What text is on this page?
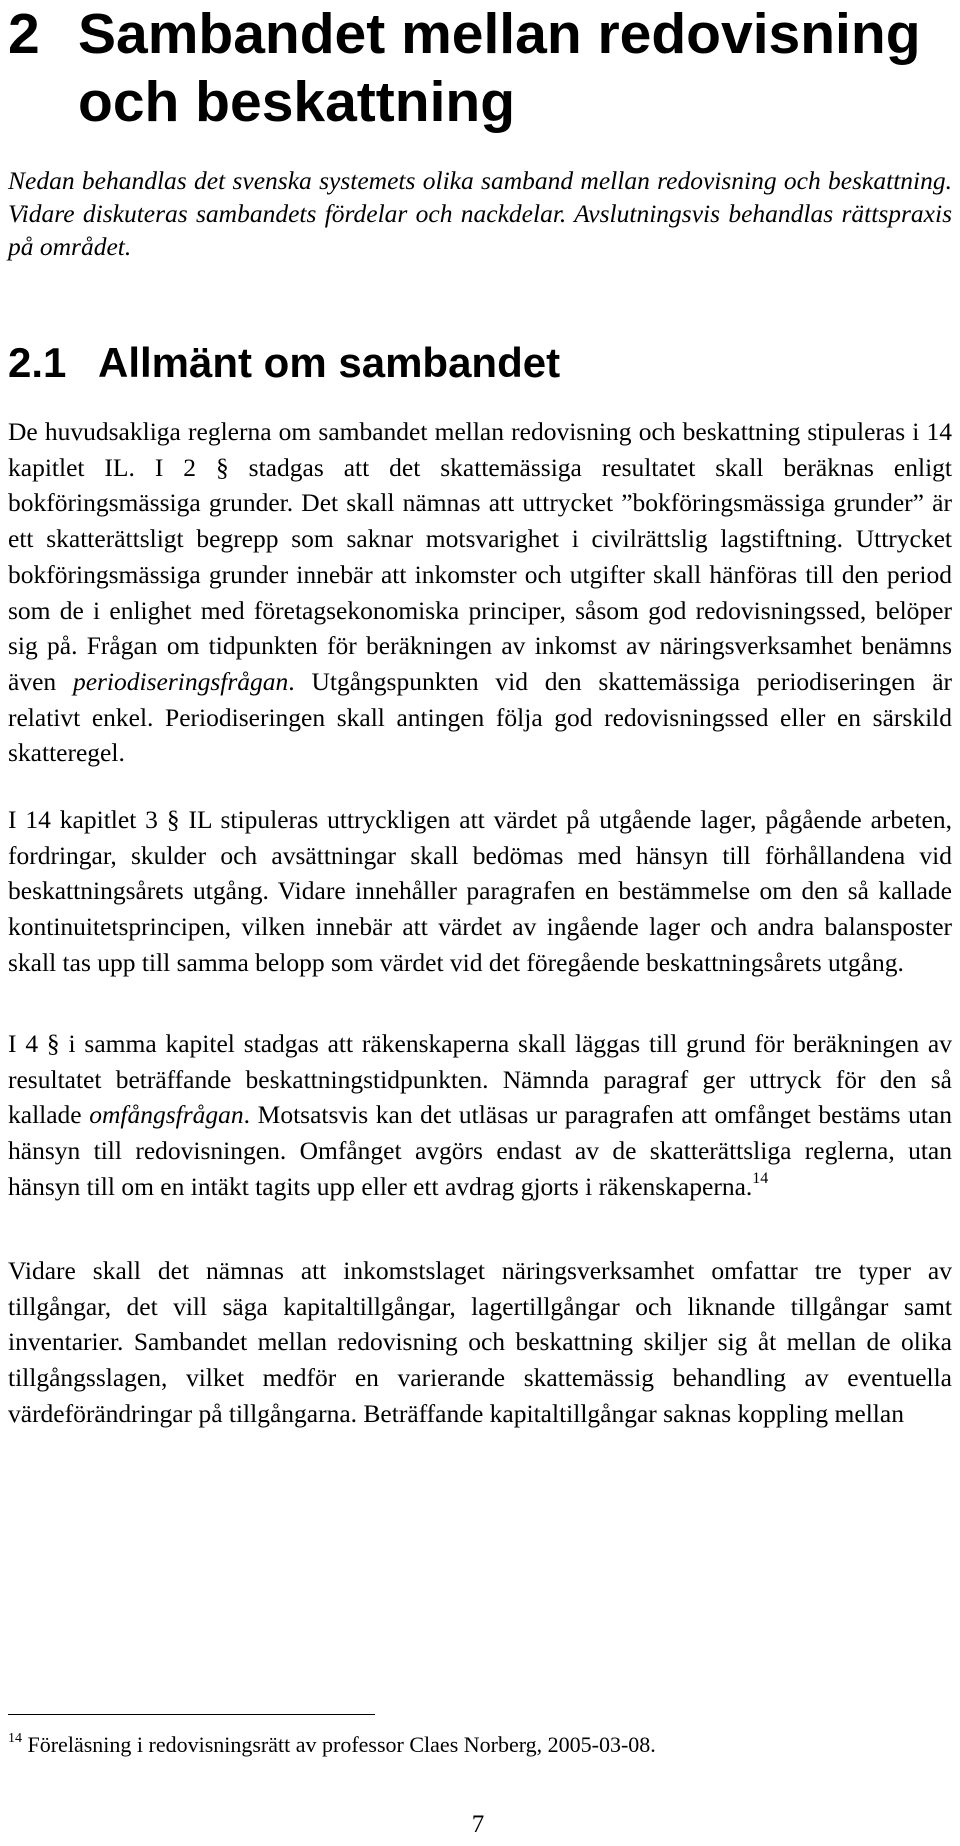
2 Sambandet mellan redovisning och beskattning
Nedan behandlas det svenska systemets olika samband mellan redovisning och beskattning. Vidare diskuteras sambandets fördelar och nackdelar. Avslutningsvis behandlas rättspraxis på området.
2.1 Allmänt om sambandet
De huvudsakliga reglerna om sambandet mellan redovisning och beskattning stipuleras i 14 kapitlet IL. I 2 § stadgas att det skattemässiga resultatet skall beräknas enligt bokföringsmässiga grunder. Det skall nämnas att uttrycket ”bokföringsmässiga grunder” är ett skatterättsligt begrepp som saknar motsvarighet i civilrättslig lagstiftning. Uttrycket bokföringsmässiga grunder innebär att inkomster och utgifter skall hänföras till den period som de i enlighet med företagsekonomiska principer, såsom god redovisningssed, belöper sig på. Frågan om tidpunkten för beräkningen av inkomst av näringsverksamhet benämns även periodiseringsfrågan. Utgångspunkten vid den skattemässiga periodiseringen är relativt enkel. Periodiseringen skall antingen följa god redovisningssed eller en särskild skatteregel.
I 14 kapitlet 3 § IL stipuleras uttryckligen att värdet på utgående lager, pågående arbeten, fordringar, skulder och avsättningar skall bedömas med hänsyn till förhållandena vid beskattningsårets utgång. Vidare innehåller paragrafen en bestämmelse om den så kallade kontinuitetsprincipen, vilken innebär att värdet av ingående lager och andra balansposter skall tas upp till samma belopp som värdet vid det föregående beskattningsårets utgång.
I 4 § i samma kapitel stadgas att räkenskaperna skall läggas till grund för beräkningen av resultatet beträffande beskattningstidpunkten. Nämnda paragraf ger uttryck för den så kallade omfångsfrågan. Motsatsvis kan det utläsas ur paragrafen att omfånget bestäms utan hänsyn till redovisningen. Omfånget avgörs endast av de skatterättsliga reglerna, utan hänsyn till om en intäkt tagits upp eller ett avdrag gjorts i räkenskaperna.$^{14}$
Vidare skall det nämnas att inkomstslaget näringsverksamhet omfattar tre typer av tillgångar, det vill säga kapitaltillgångar, lagertillgångar och liknande tillgångar samt inventarier. Sambandet mellan redovisning och beskattning skiljer sig åt mellan de olika tillgångsslagen, vilket medför en varierande skattemässig behandling av eventuella värdeförändringar på tillgångarna. Beträffande kapitaltillgångar saknas koppling mellan
$^{14}$ Föreläsning i redovisningsrätt av professor Claes Norberg, 2005-03-08.
7
